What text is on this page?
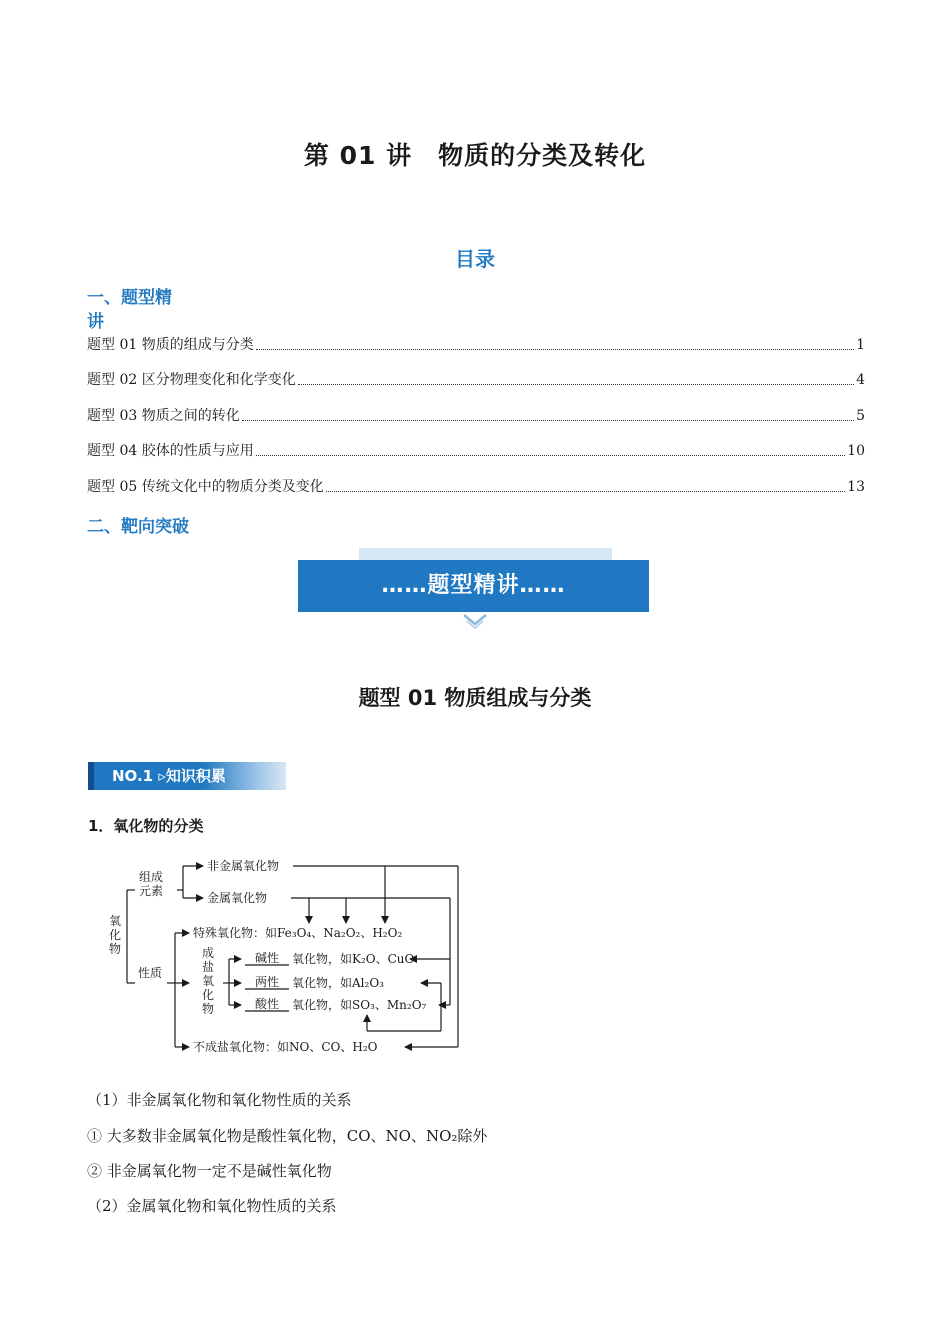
第 01 讲　物质的分类及转化
目录
一、题型精
讲
题型 01 物质的组成与分类	1
题型 02 区分物理变化和化学变化	4
题型 03 物质之间的转化	5
题型 04 胶体的性质与应用	10
题型 05 传统文化中的物质分类及变化	13
二、靶向突破
……题型精讲……
题型 01 物质组成与分类
NO.1 ▹知识积累
1．氧化物的分类
氧化物
组成
元素
性质
非金属氧化物
金属氧化物
特殊氧化物：如Fe₃O₄、Na₂O₂、H₂O₂
成盐氧化物
碱性 氧化物，如K₂O、CuO
两性 氧化物，如Al₂O₃
酸性 氧化物，如SO₃、Mn₂O₇
不成盐氧化物：如NO、CO、H₂O
（1）非金属氧化物和氧化物性质的关系
① 大多数非金属氧化物是酸性氧化物，CO、NO、NO₂除外
② 非金属氧化物一定不是碱性氧化物
（2）金属氧化物和氧化物性质的关系
